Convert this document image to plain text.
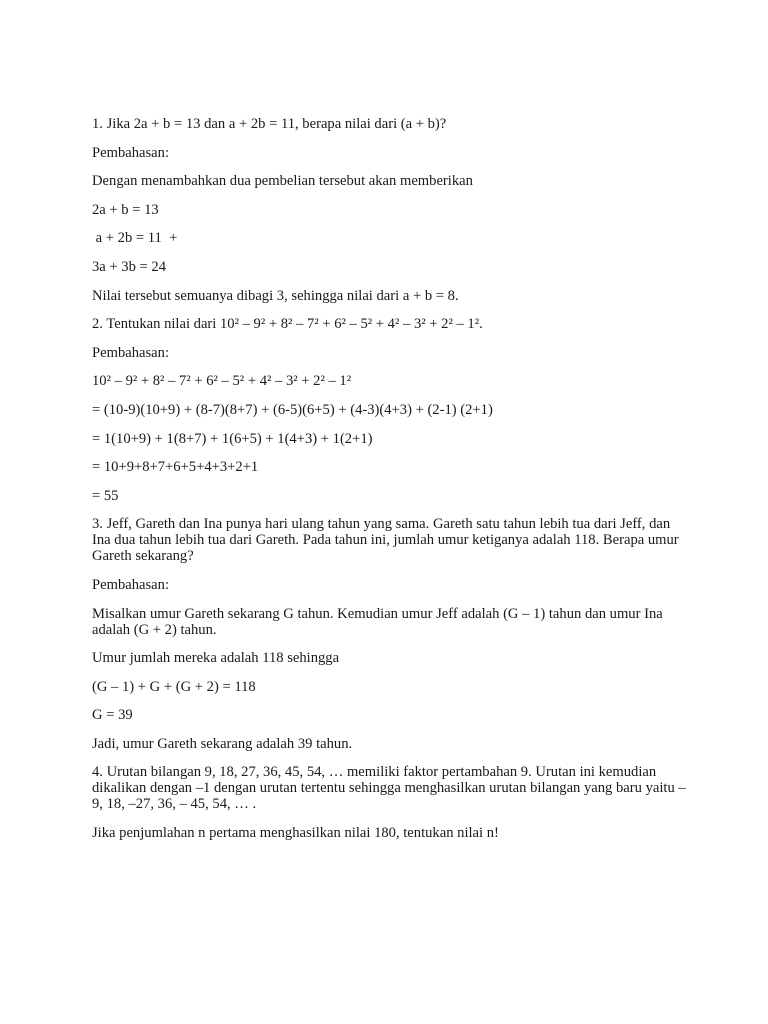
1. Jika 2a + b = 13 dan a + 2b = 11, berapa nilai dari (a + b)?

Pembahasan:

Dengan menambahkan dua pembelian tersebut akan memberikan

2a + b = 13

a + 2b = 11  +

3a + 3b = 24

Nilai tersebut semuanya dibagi 3, sehingga nilai dari a + b = 8.

2. Tentukan nilai dari 10² – 9² + 8² – 7² + 6² – 5² + 4² – 3² + 2² – 1².

Pembahasan:

10² – 9² + 8² – 7² + 6² – 5² + 4² – 3² + 2² – 1²

= (10-9)(10+9) + (8-7)(8+7) + (6-5)(6+5) + (4-3)(4+3) + (2-1) (2+1)

= 1(10+9) + 1(8+7) + 1(6+5) + 1(4+3) + 1(2+1)

= 10+9+8+7+6+5+4+3+2+1

= 55

3. Jeff, Gareth dan Ina punya hari ulang tahun yang sama. Gareth satu tahun lebih tua dari Jeff, dan Ina dua tahun lebih tua dari Gareth. Pada tahun ini, jumlah umur ketiganya adalah 118. Berapa umur Gareth sekarang?

Pembahasan:

Misalkan umur Gareth sekarang G tahun. Kemudian umur Jeff adalah (G – 1) tahun dan umur Ina adalah (G + 2) tahun.

Umur jumlah mereka adalah 118 sehingga

(G – 1) + G + (G + 2) = 118

G = 39

Jadi, umur Gareth sekarang adalah 39 tahun.

4. Urutan bilangan 9, 18, 27, 36, 45, 54, … memiliki faktor pertambahan 9. Urutan ini kemudian dikalikan dengan –1 dengan urutan tertentu sehingga menghasilkan urutan bilangan yang baru yaitu –9, 18, –27, 36, – 45, 54, … .

Jika penjumlahan n pertama menghasilkan nilai 180, tentukan nilai n!
